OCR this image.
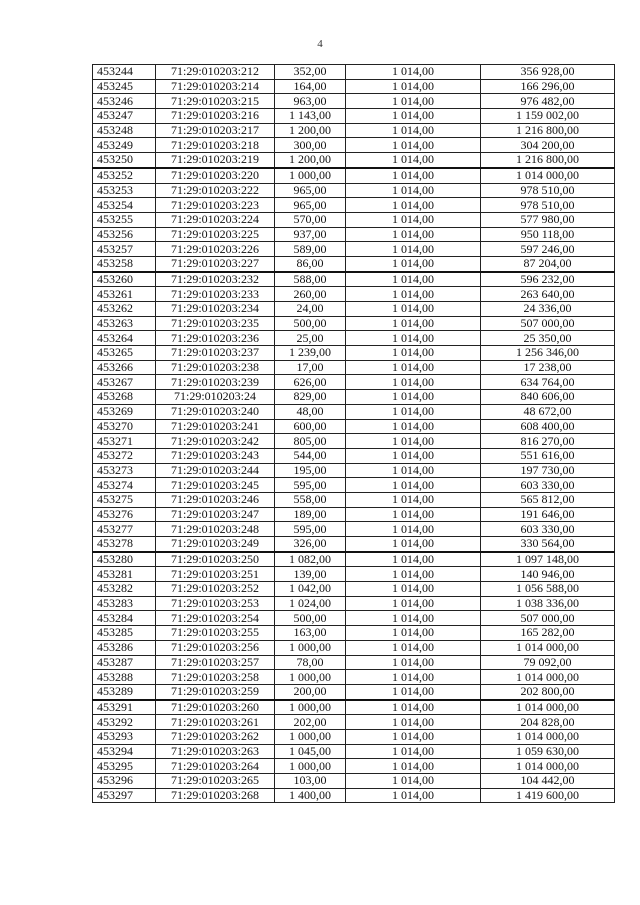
4
453244	71:29:010203:212	352,00	1 014,00	356 928,00
453245	71:29:010203:214	164,00	1 014,00	166 296,00
453246	71:29:010203:215	963,00	1 014,00	976 482,00
453247	71:29:010203:216	1 143,00	1 014,00	1 159 002,00
453248	71:29:010203:217	1 200,00	1 014,00	1 216 800,00
453249	71:29:010203:218	300,00	1 014,00	304 200,00
453250	71:29:010203:219	1 200,00	1 014,00	1 216 800,00
453252	71:29:010203:220	1 000,00	1 014,00	1 014 000,00
453253	71:29:010203:222	965,00	1 014,00	978 510,00
453254	71:29:010203:223	965,00	1 014,00	978 510,00
453255	71:29:010203:224	570,00	1 014,00	577 980,00
453256	71:29:010203:225	937,00	1 014,00	950 118,00
453257	71:29:010203:226	589,00	1 014,00	597 246,00
453258	71:29:010203:227	86,00	1 014,00	87 204,00
453260	71:29:010203:232	588,00	1 014,00	596 232,00
453261	71:29:010203:233	260,00	1 014,00	263 640,00
453262	71:29:010203:234	24,00	1 014,00	24 336,00
453263	71:29:010203:235	500,00	1 014,00	507 000,00
453264	71:29:010203:236	25,00	1 014,00	25 350,00
453265	71:29:010203:237	1 239,00	1 014,00	1 256 346,00
453266	71:29:010203:238	17,00	1 014,00	17 238,00
453267	71:29:010203:239	626,00	1 014,00	634 764,00
453268	71:29:010203:24	829,00	1 014,00	840 606,00
453269	71:29:010203:240	48,00	1 014,00	48 672,00
453270	71:29:010203:241	600,00	1 014,00	608 400,00
453271	71:29:010203:242	805,00	1 014,00	816 270,00
453272	71:29:010203:243	544,00	1 014,00	551 616,00
453273	71:29:010203:244	195,00	1 014,00	197 730,00
453274	71:29:010203:245	595,00	1 014,00	603 330,00
453275	71:29:010203:246	558,00	1 014,00	565 812,00
453276	71:29:010203:247	189,00	1 014,00	191 646,00
453277	71:29:010203:248	595,00	1 014,00	603 330,00
453278	71:29:010203:249	326,00	1 014,00	330 564,00
453280	71:29:010203:250	1 082,00	1 014,00	1 097 148,00
453281	71:29:010203:251	139,00	1 014,00	140 946,00
453282	71:29:010203:252	1 042,00	1 014,00	1 056 588,00
453283	71:29:010203:253	1 024,00	1 014,00	1 038 336,00
453284	71:29:010203:254	500,00	1 014,00	507 000,00
453285	71:29:010203:255	163,00	1 014,00	165 282,00
453286	71:29:010203:256	1 000,00	1 014,00	1 014 000,00
453287	71:29:010203:257	78,00	1 014,00	79 092,00
453288	71:29:010203:258	1 000,00	1 014,00	1 014 000,00
453289	71:29:010203:259	200,00	1 014,00	202 800,00
453291	71:29:010203:260	1 000,00	1 014,00	1 014 000,00
453292	71:29:010203:261	202,00	1 014,00	204 828,00
453293	71:29:010203:262	1 000,00	1 014,00	1 014 000,00
453294	71:29:010203:263	1 045,00	1 014,00	1 059 630,00
453295	71:29:010203:264	1 000,00	1 014,00	1 014 000,00
453296	71:29:010203:265	103,00	1 014,00	104 442,00
453297	71:29:010203:268	1 400,00	1 014,00	1 419 600,00
